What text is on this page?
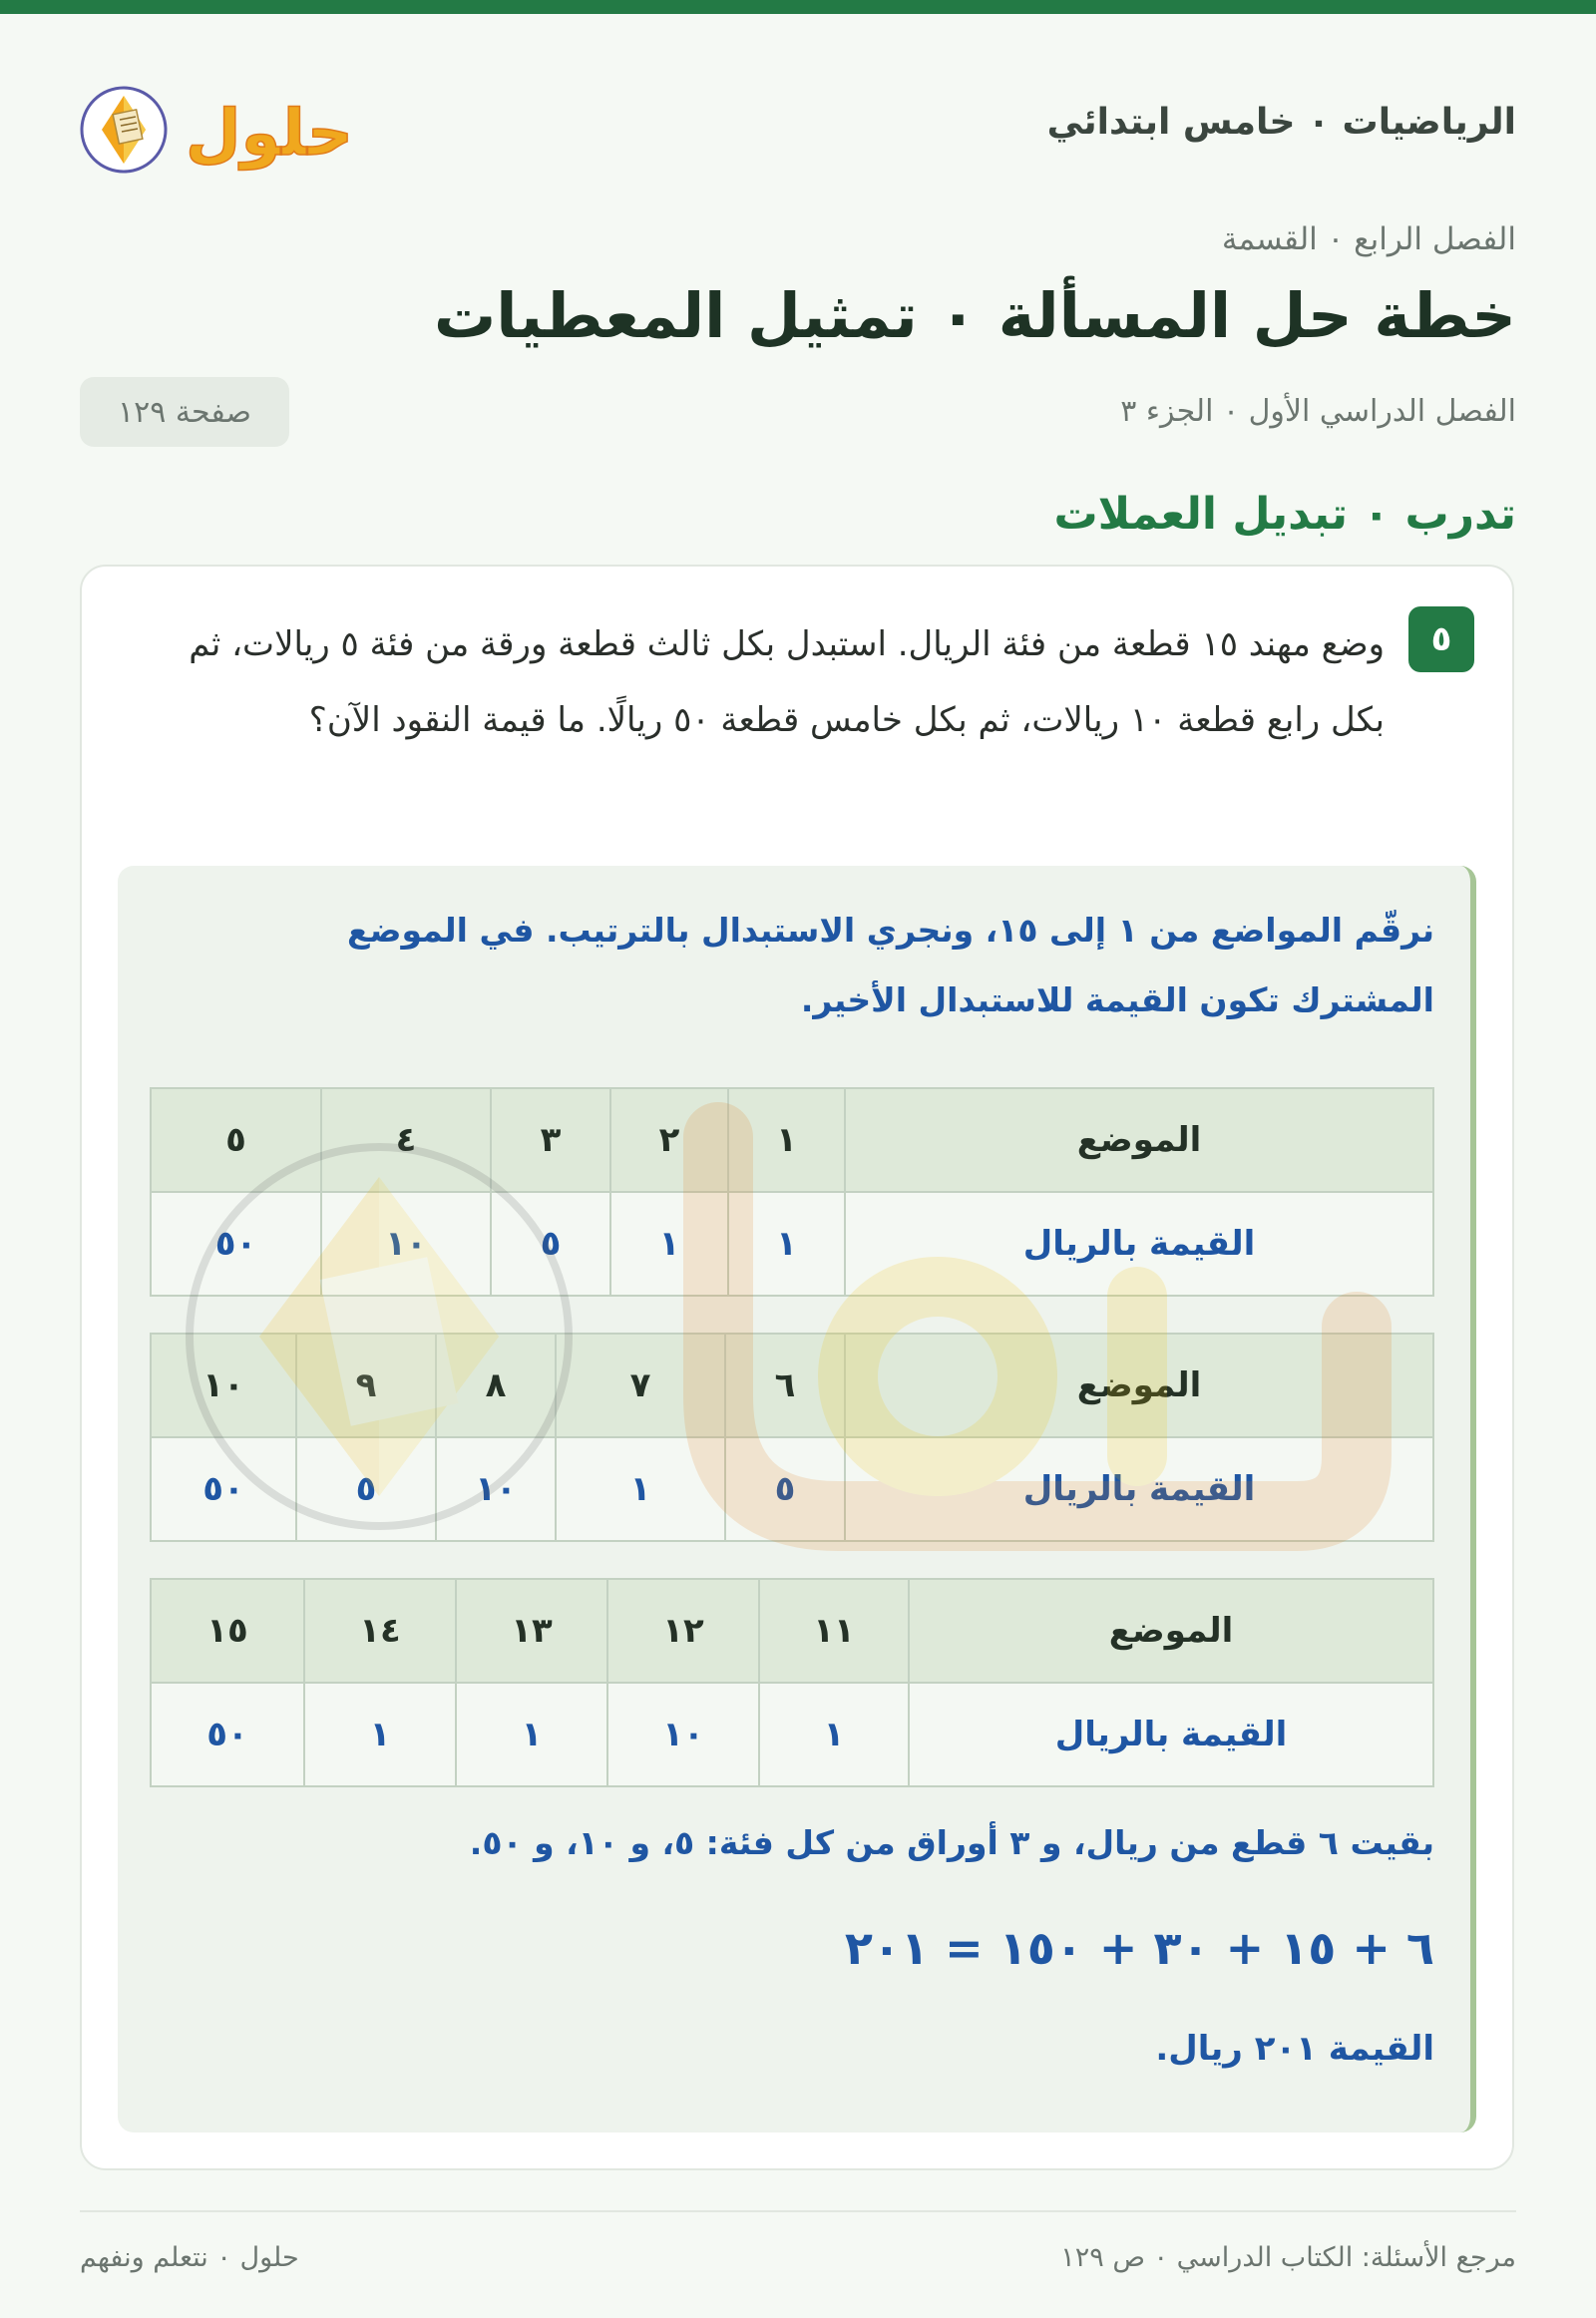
الرياضيات ٠ خامس ابتدائي
حلول
الفصل الرابع ٠ القسمة
خطة حل المسألة ٠ تمثيل المعطيات
الفصل الدراسي الأول ٠ الجزء ٣
صفحة ١٢٩
تدرب ٠ تبديل العملات
٥
وضع مهند ١٥ قطعة من فئة الريال. استبدل بكل ثالث قطعة ورقة من فئة ٥ ريالات، ثم بكل رابع قطعة ١٠ ريالات، ثم بكل خامس قطعة ٥٠ ريالًا. ما قيمة النقود الآن؟
نرقّم المواضع من ١ إلى ١٥، ونجري الاستبدال بالترتيب. في الموضع المشترك تكون القيمة للاستبدال الأخير.
الموضع	١	٢	٣	٤	٥
القيمة بالريال	١	١	٥	١٠	٥٠
الموضع	٦	٧	٨	٩	١٠
القيمة بالريال	٥	١	١٠	٥	٥٠
الموضع	١١	١٢	١٣	١٤	١٥
القيمة بالريال	١	١٠	١	١	٥٠
بقيت ٦ قطع من ريال، و ٣ أوراق من كل فئة: ٥، و ١٠، و ٥٠.
٦ + ١٥ + ٣٠ + ١٥٠ = ٢٠١
القيمة ٢٠١ ريال.
مرجع الأسئلة: الكتاب الدراسي ٠ ص ١٢٩
حلول ٠ نتعلم ونفهم
